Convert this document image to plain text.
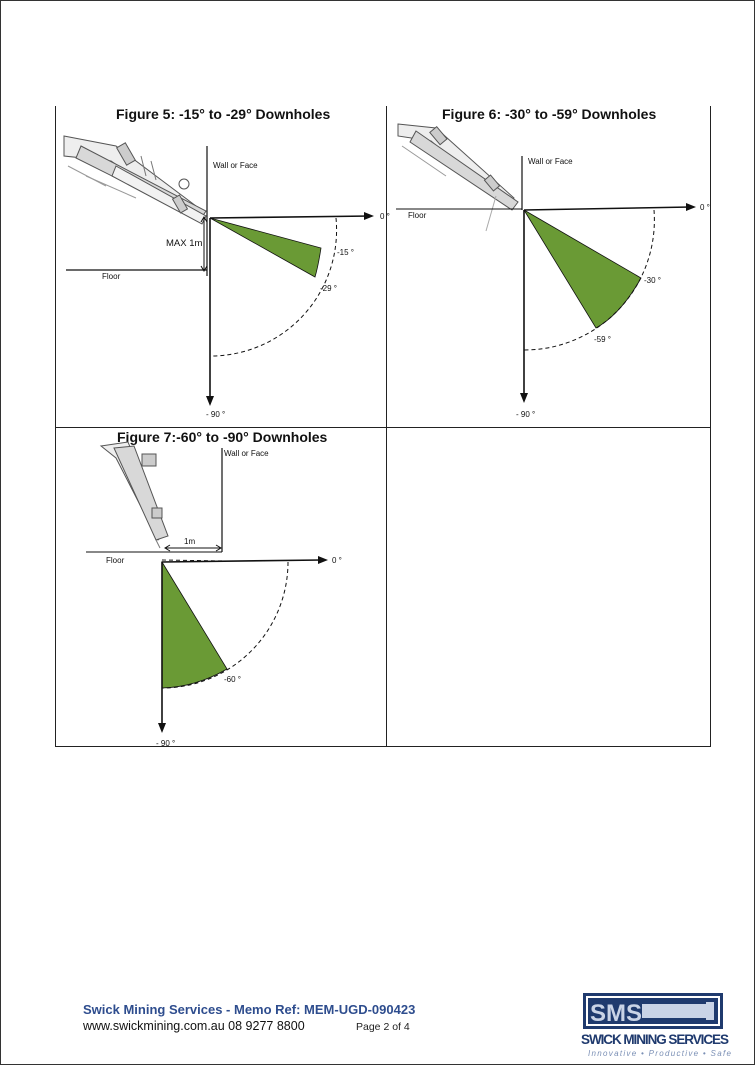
Figure 5: -15° to -29° Downholes
Wall or Face
Floor
0 °
- 90 °
MAX 1m
-15 °
-29 °
Figure 6: -30° to -59° Downholes
Wall or Face
Floor
0 °
- 90 °
-30 °
-59 °
Figure 7:-60° to -90° Downholes
Wall or Face
Floor
1m
0 °
- 90 °
-60 °
Swick Mining Services - Memo Ref: MEM-UGD-090423
www.swickmining.com.au 08 9277 8800	Page 2 of 4	SMS
SWICK MINING SERVICES
Innovative • Productive • Safe
